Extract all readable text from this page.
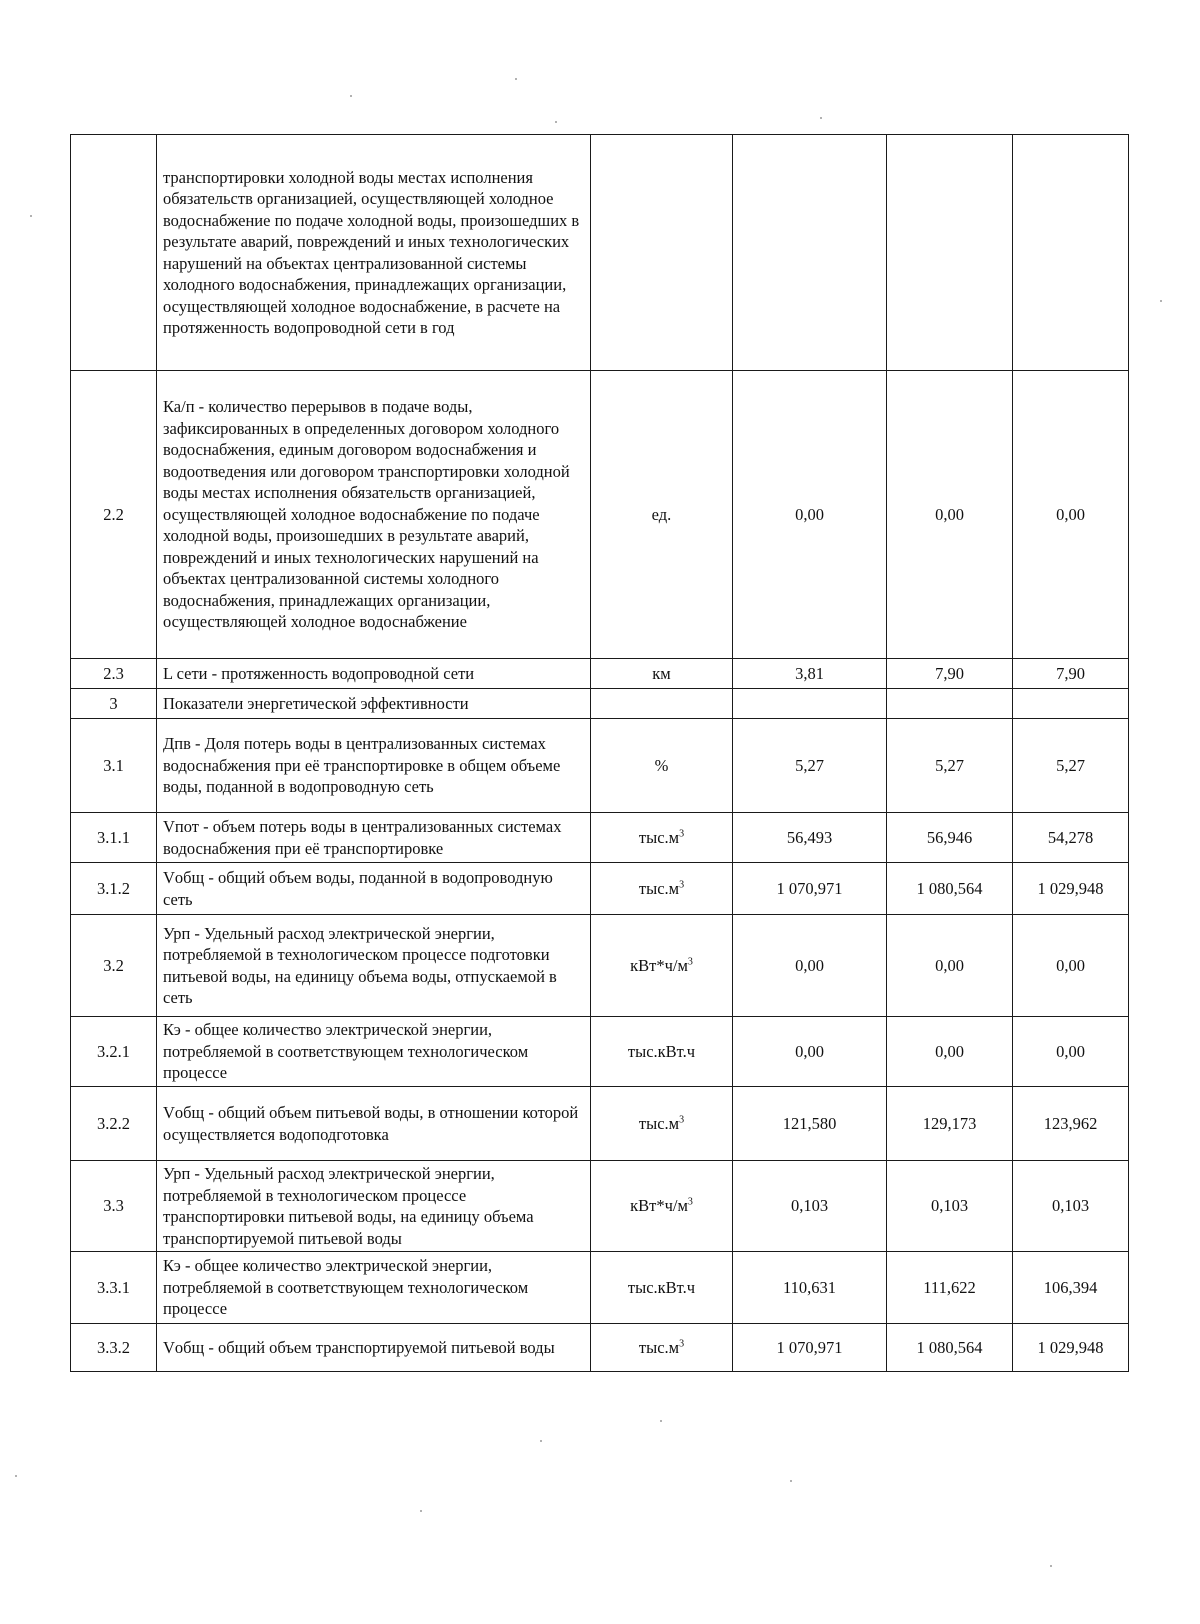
	транспортировки холодной воды местах исполнения обязательств организацией, осуществляющей холодное водоснабжение по подаче холодной воды, произошедших в результате аварий, повреждений и иных технологических нарушений на объектах централизованной системы холодного водоснабжения, принадлежащих организации, осуществляющей холодное водоснабжение, в расчете на протяженность водопроводной сети в год				
2.2	Ка/п - количество перерывов в подаче воды, зафиксированных в определенных договором холодного водоснабжения, единым договором водоснабжения и водоотведения или договором транспортировки холодной воды местах исполнения обязательств организацией, осуществляющей холодное водоснабжение по подаче холодной воды, произошедших в результате аварий, повреждений и иных технологических нарушений на объектах централизованной системы холодного водоснабжения, принадлежащих организации, осуществляющей холодное водоснабжение	ед.	0,00	0,00	0,00
2.3	L сети - протяженность водопроводной сети	км	3,81	7,90	7,90
3	Показатели энергетической эффективности				
3.1	Дпв - Доля потерь воды в централизованных системах водоснабжения при её транспортировке в общем объеме воды, поданной в водопроводную сеть	%	5,27	5,27	5,27
3.1.1	Vпот - объем потерь воды в централизованных системах водоснабжения при её транспортировке	$тыс.м^3$	56,493	56,946	54,278
3.1.2	Vобщ - общий объем воды, поданной в водопроводную сеть	$тыс.м^3$	1 070,971	1 080,564	1 029,948
3.2	Урп - Удельный расход электрической энергии, потребляемой в технологическом процессе подготовки питьевой воды, на единицу объема воды, отпускаемой в сеть	$кВт*ч/м^3$	0,00	0,00	0,00
3.2.1	Кэ - общее количество электрической энергии, потребляемой в соответствующем технологическом процессе	тыс.кВт.ч	0,00	0,00	0,00
3.2.2	Vобщ - общий объем питьевой воды, в отношении которой осуществляется водоподготовка	$тыс.м^3$	121,580	129,173	123,962
3.3	Урп - Удельный расход электрической энергии, потребляемой в технологическом процессе транспортировки питьевой воды, на единицу объема транспортируемой питьевой воды	$кВт*ч/м^3$	0,103	0,103	0,103
3.3.1	Кэ - общее количество электрической энергии, потребляемой в соответствующем технологическом процессе	тыс.кВт.ч	110,631	111,622	106,394
3.3.2	Vобщ - общий объем транспортируемой питьевой воды	$тыс.м^3$	1 070,971	1 080,564	1 029,948
